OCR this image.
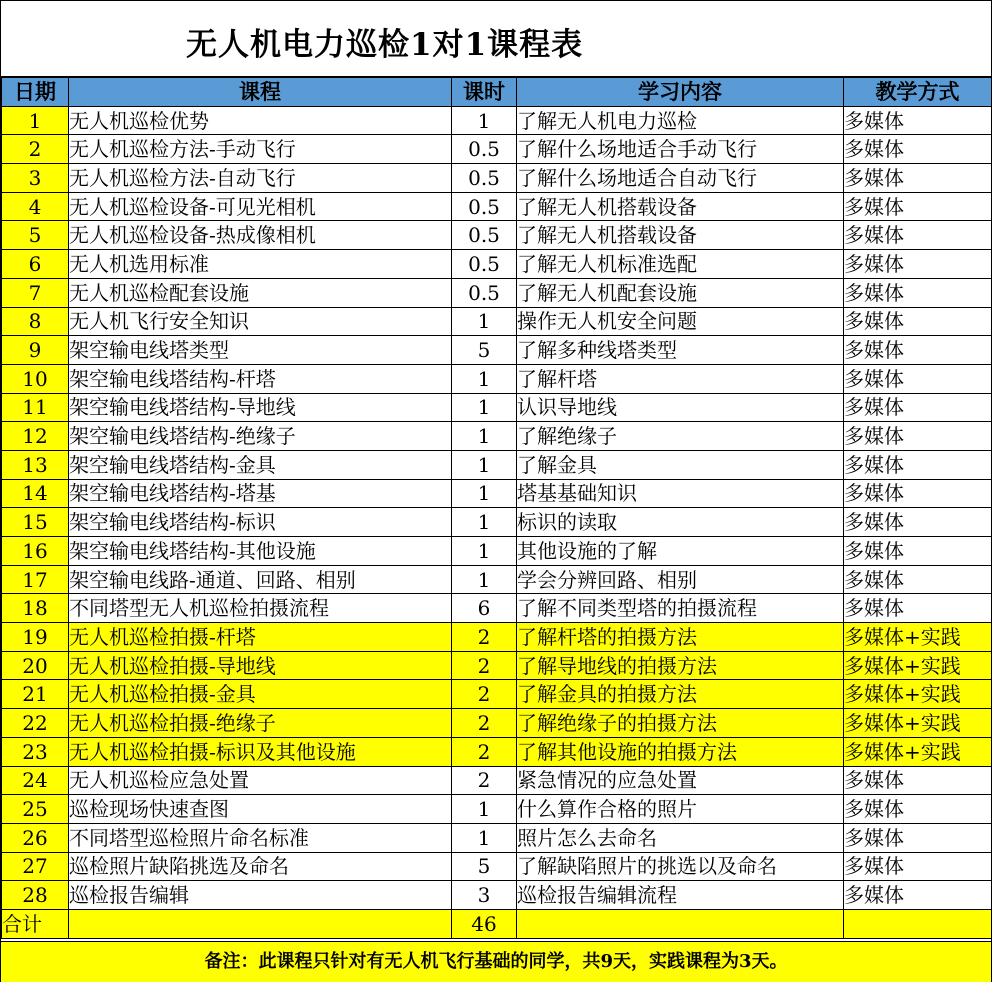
无人机电力巡检1对1课程表
日期	课程	课时	学习内容	教学方式
1	无人机巡检优势	1	了解无人机电力巡检	多媒体
2	无人机巡检方法-手动飞行	0.5	了解什么场地适合手动飞行	多媒体
3	无人机巡检方法-自动飞行	0.5	了解什么场地适合自动飞行	多媒体
4	无人机巡检设备-可见光相机	0.5	了解无人机搭载设备	多媒体
5	无人机巡检设备-热成像相机	0.5	了解无人机搭载设备	多媒体
6	无人机选用标准	0.5	了解无人机标准选配	多媒体
7	无人机巡检配套设施	0.5	了解无人机配套设施	多媒体
8	无人机飞行安全知识	1	操作无人机安全问题	多媒体
9	架空输电线塔类型	5	了解多种线塔类型	多媒体
10	架空输电线塔结构-杆塔	1	了解杆塔	多媒体
11	架空输电线塔结构-导地线	1	认识导地线	多媒体
12	架空输电线塔结构-绝缘子	1	了解绝缘子	多媒体
13	架空输电线塔结构-金具	1	了解金具	多媒体
14	架空输电线塔结构-塔基	1	塔基基础知识	多媒体
15	架空输电线塔结构-标识	1	标识的读取	多媒体
16	架空输电线塔结构-其他设施	1	其他设施的了解	多媒体
17	架空输电线路-通道、回路、相别	1	学会分辨回路、相别	多媒体
18	不同塔型无人机巡检拍摄流程	6	了解不同类型塔的拍摄流程	多媒体
19	无人机巡检拍摄-杆塔	2	了解杆塔的拍摄方法	多媒体+实践
20	无人机巡检拍摄-导地线	2	了解导地线的拍摄方法	多媒体+实践
21	无人机巡检拍摄-金具	2	了解金具的拍摄方法	多媒体+实践
22	无人机巡检拍摄-绝缘子	2	了解绝缘子的拍摄方法	多媒体+实践
23	无人机巡检拍摄-标识及其他设施	2	了解其他设施的拍摄方法	多媒体+实践
24	无人机巡检应急处置	2	紧急情况的应急处置	多媒体
25	巡检现场快速查图	1	什么算作合格的照片	多媒体
26	不同塔型巡检照片命名标准	1	照片怎么去命名	多媒体
27	巡检照片缺陷挑选及命名	5	了解缺陷照片的挑选以及命名	多媒体
28	巡检报告编辑	3	巡检报告编辑流程	多媒体
合计		46		
备注：此课程只针对有无人机飞行基础的同学，共9天，实践课程为3天。
